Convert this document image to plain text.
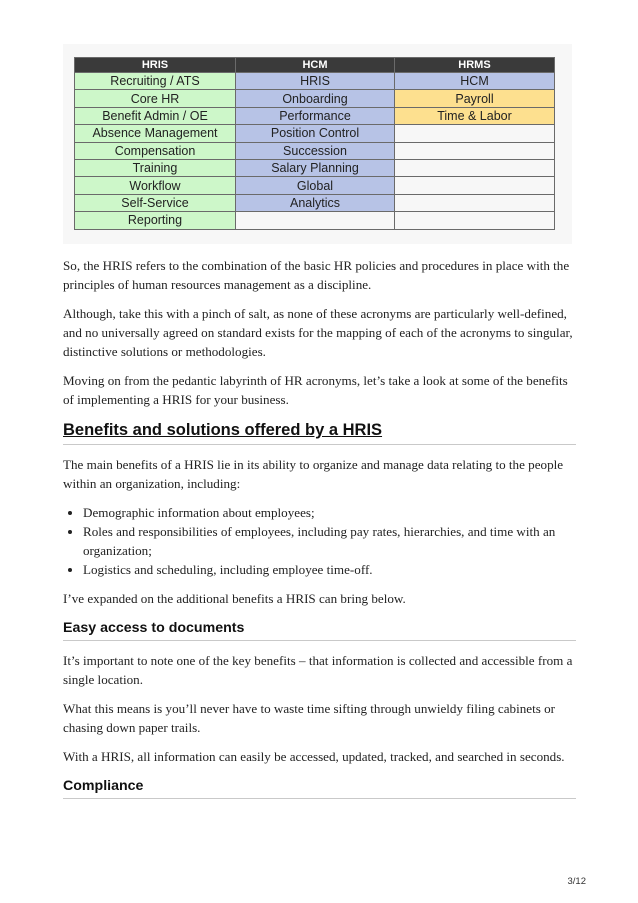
HRIS	HCM	HRMS
Recruiting / ATS	HRIS	HCM
Core HR	Onboarding	Payroll
Benefit Admin / OE	Performance	Time & Labor
Absence Management	Position Control	
Compensation	Succession	
Training	Salary Planning	
Workflow	Global	
Self-Service	Analytics	
Reporting		

So, the HRIS refers to the combination of the basic HR policies and procedures in place with the principles of human resources management as a discipline.

Although, take this with a pinch of salt, as none of these acronyms are particularly well-defined, and no universally agreed on standard exists for the mapping of each of the acronyms to singular, distinctive solutions or methodologies.

Moving on from the pedantic labyrinth of HR acronyms, let’s take a look at some of the benefits of implementing a HRIS for your business.

Benefits and solutions offered by a HRIS

The main benefits of a HRIS lie in its ability to organize and manage data relating to the people within an organization, including:

• Demographic information about employees;
• Roles and responsibilities of employees, including pay rates, hierarchies, and time with an organization;
• Logistics and scheduling, including employee time-off.

I’ve expanded on the additional benefits a HRIS can bring below.

Easy access to documents

It’s important to note one of the key benefits – that information is collected and accessible from a single location.

What this means is you’ll never have to waste time sifting through unwieldy filing cabinets or chasing down paper trails.

With a HRIS, all information can easily be accessed, updated, tracked, and searched in seconds.

Compliance
3/12
